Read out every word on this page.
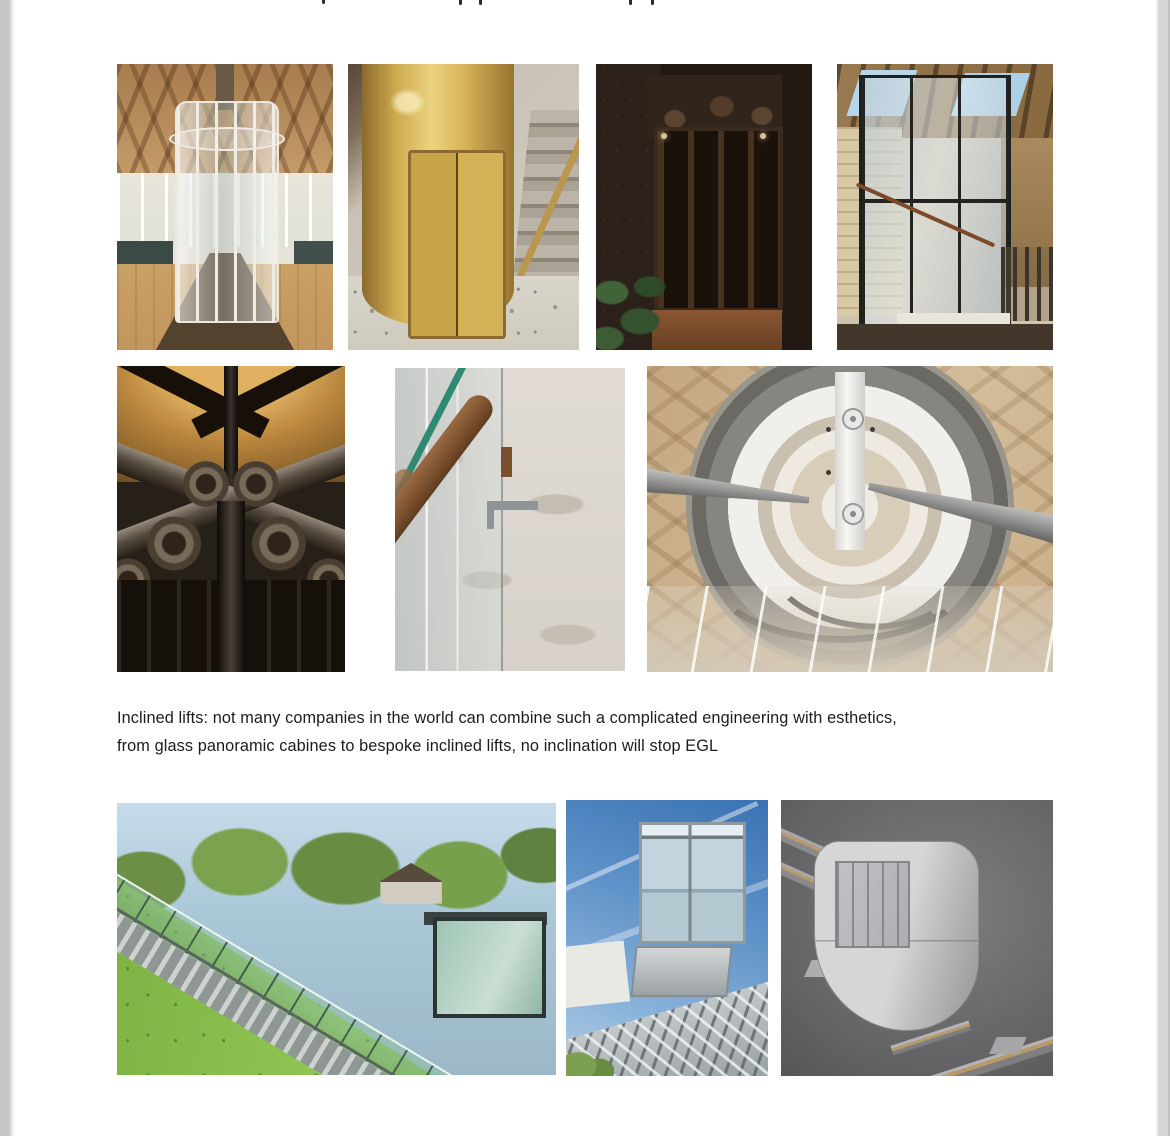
Inclined lifts: not many companies in the world can combine such a complicated engineering with esthetics,
from glass panoramic cabines to bespoke inclined lifts, no inclination will stop EGL
